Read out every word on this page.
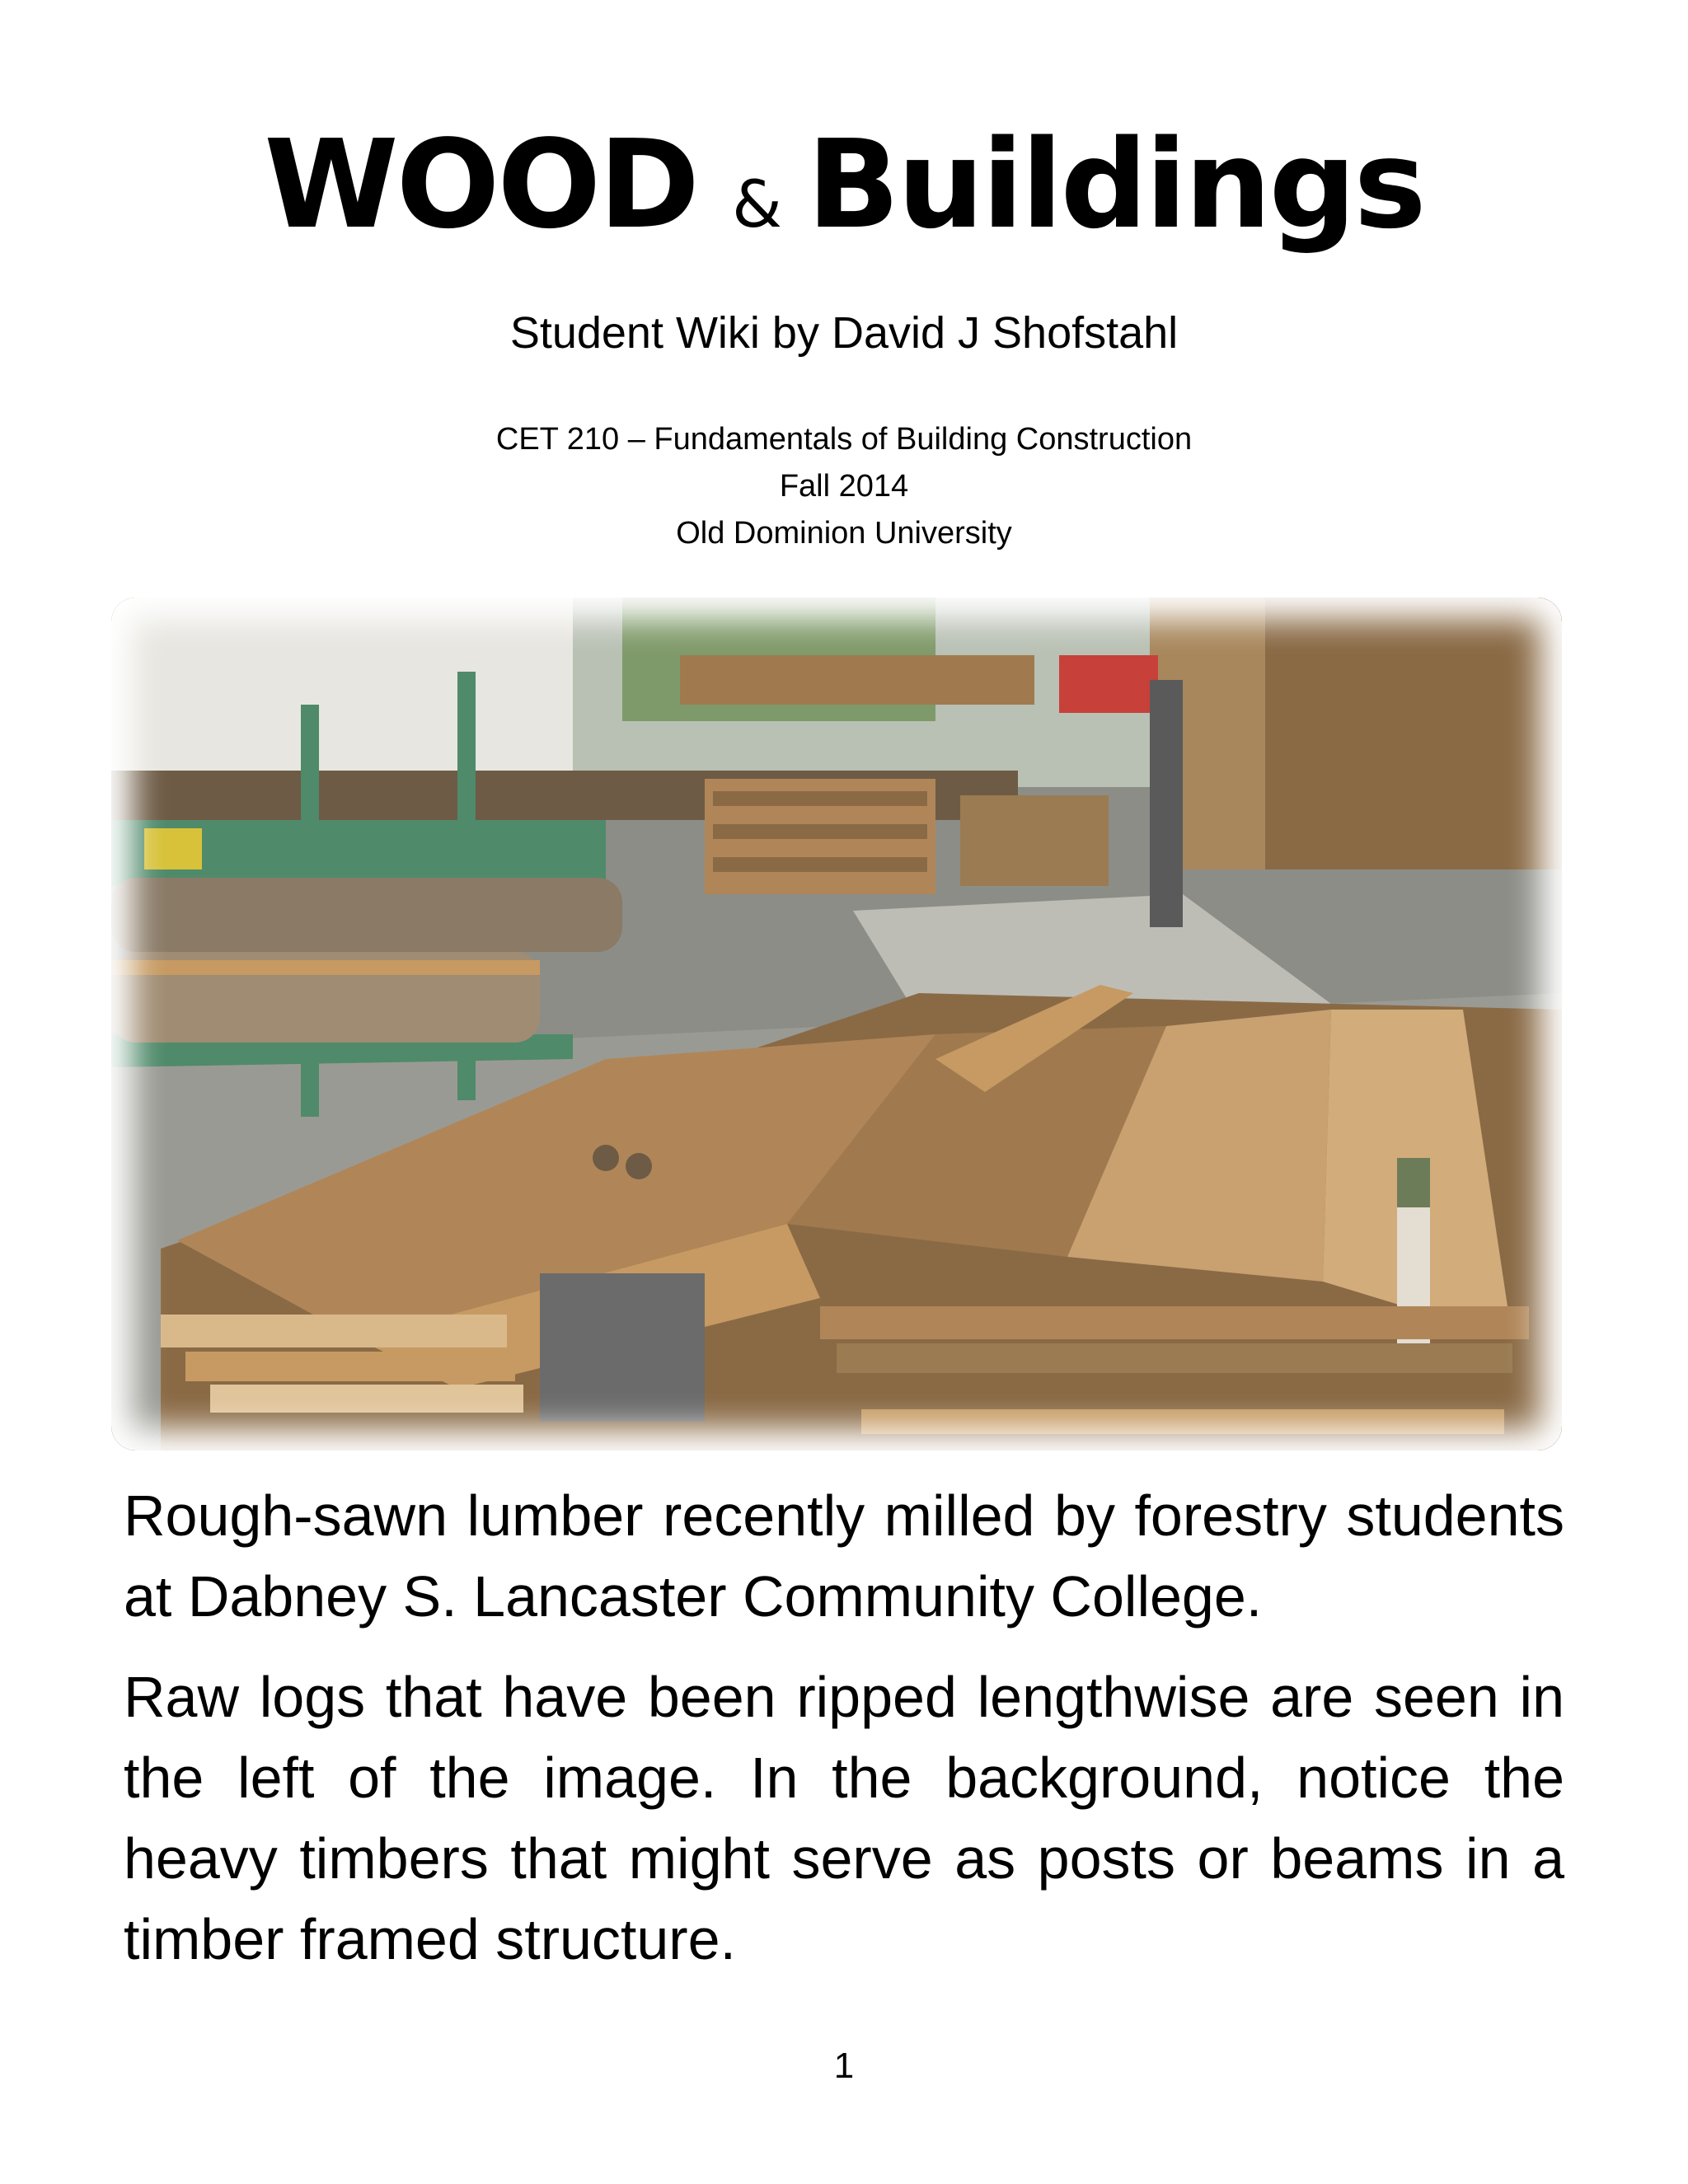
WOOD & Buildings
Student Wiki by David J Shofstahl
CET 210 – Fundamentals of Building Construction
Fall 2014
Old Dominion University

Rough-sawn lumber recently milled by forestry students at Dabney S. Lancaster Community College.

Raw logs that have been ripped lengthwise are seen in the left of the image. In the background, notice the heavy timbers that might serve as posts or beams in a timber framed structure.

1
